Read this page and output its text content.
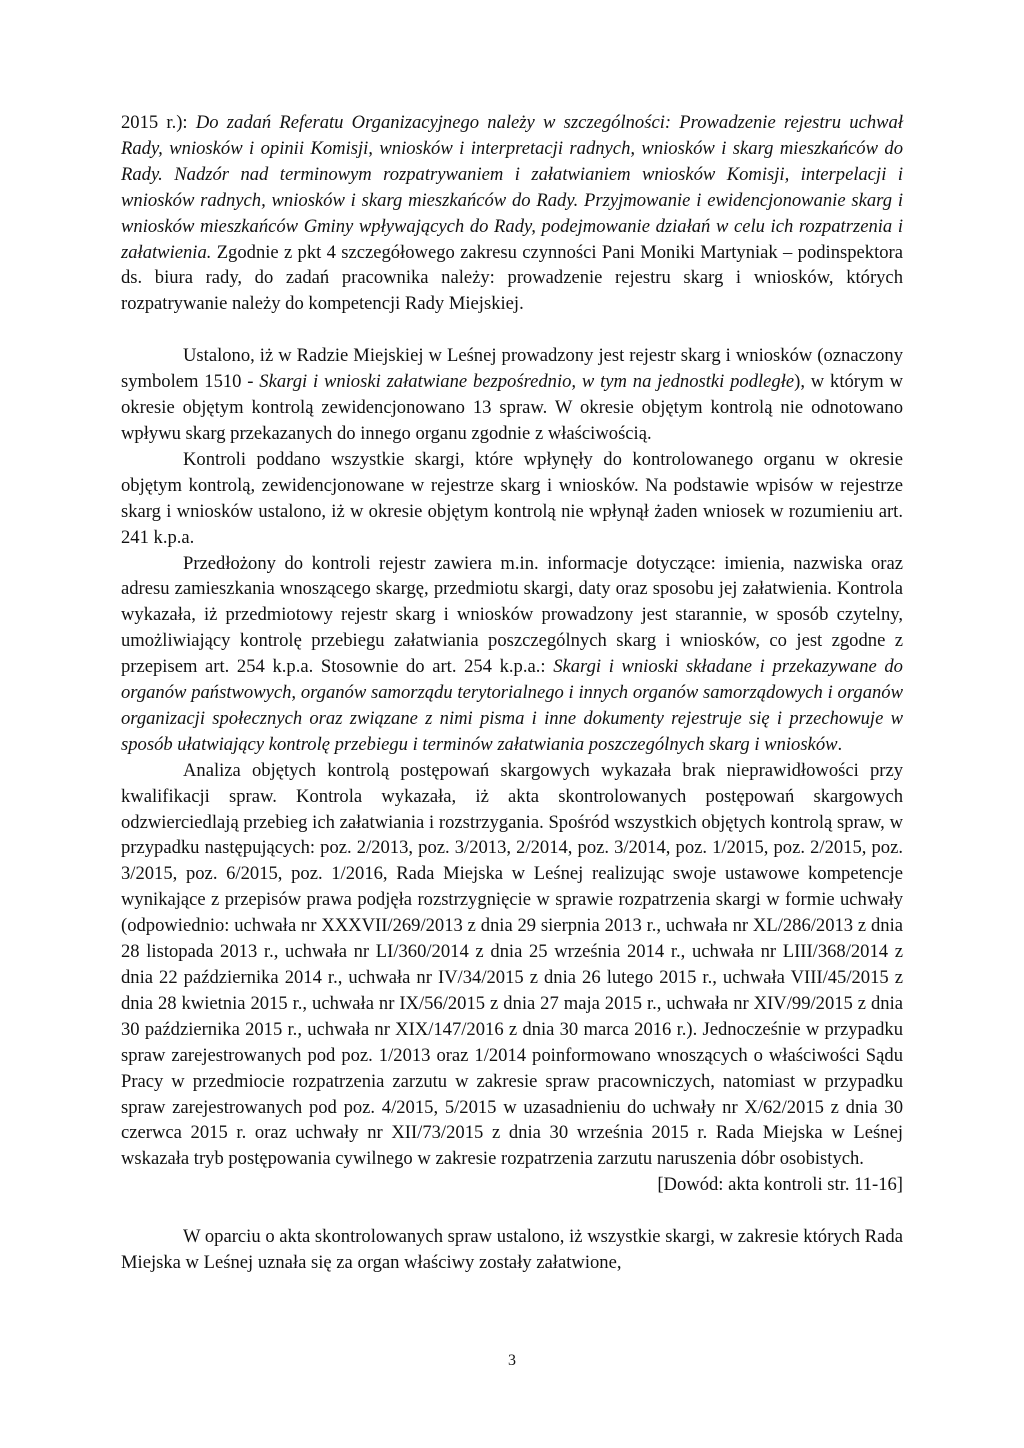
2015 r.): Do zadań Referatu Organizacyjnego należy w szczególności: Prowadzenie rejestru uchwał Rady, wniosków i opinii Komisji, wniosków i interpretacji radnych, wniosków i skarg mieszkańców do Rady. Nadzór nad terminowym rozpatrywaniem i załatwianiem wniosków Komisji, interpelacji i wniosków radnych, wniosków i skarg mieszkańców do Rady. Przyjmowanie i ewidencjonowanie skarg i wniosków mieszkańców Gminy wpływających do Rady, podejmowanie działań w celu ich rozpatrzenia i załatwienia. Zgodnie z pkt 4 szczegółowego zakresu czynności Pani Moniki Martyniak – podinspektora ds. biura rady, do zadań pracownika należy: prowadzenie rejestru skarg i wniosków, których rozpatrywanie należy do kompetencji Rady Miejskiej.

Ustalono, iż w Radzie Miejskiej w Leśnej prowadzony jest rejestr skarg i wniosków (oznaczony symbolem 1510 - Skargi i wnioski załatwiane bezpośrednio, w tym na jednostki podległe), w którym w okresie objętym kontrolą zewidencjonowano 13 spraw. W okresie objętym kontrolą nie odnotowano wpływu skarg przekazanych do innego organu zgodnie z właściwością.

Kontroli poddano wszystkie skargi, które wpłynęły do kontrolowanego organu w okresie objętym kontrolą, zewidencjonowane w rejestrze skarg i wniosków. Na podstawie wpisów w rejestrze skarg i wniosków ustalono, iż w okresie objętym kontrolą nie wpłynął żaden wniosek w rozumieniu art. 241 k.p.a.

Przedłożony do kontroli rejestr zawiera m.in. informacje dotyczące: imienia, nazwiska oraz adresu zamieszkania wnoszącego skargę, przedmiotu skargi, daty oraz sposobu jej załatwienia. Kontrola wykazała, iż przedmiotowy rejestr skarg i wniosków prowadzony jest starannie, w sposób czytelny, umożliwiający kontrolę przebiegu załatwiania poszczególnych skarg i wniosków, co jest zgodne z przepisem art. 254 k.p.a. Stosownie do art. 254 k.p.a.: Skargi i wnioski składane i przekazywane do organów państwowych, organów samorządu terytorialnego i innych organów samorządowych i organów organizacji społecznych oraz związane z nimi pisma i inne dokumenty rejestruje się i przechowuje w sposób ułatwiający kontrolę przebiegu i terminów załatwiania poszczególnych skarg i wniosków.

Analiza objętych kontrolą postępowań skargowych wykazała brak nieprawidłowości przy kwalifikacji spraw. Kontrola wykazała, iż akta skontrolowanych postępowań skargowych odzwierciedlają przebieg ich załatwiania i rozstrzygania. Spośród wszystkich objętych kontrolą spraw, w przypadku następujących: poz. 2/2013, poz. 3/2013, 2/2014, poz. 3/2014, poz. 1/2015, poz. 2/2015, poz. 3/2015, poz. 6/2015, poz. 1/2016, Rada Miejska w Leśnej realizując swoje ustawowe kompetencje wynikające z przepisów prawa podjęła rozstrzygnięcie w sprawie rozpatrzenia skargi w formie uchwały (odpowiednio: uchwała nr XXXVII/269/2013 z dnia 29 sierpnia 2013 r., uchwała nr XL/286/2013 z dnia 28 listopada 2013 r., uchwała nr LI/360/2014 z dnia 25 września 2014 r., uchwała nr LIII/368/2014 z dnia 22 października 2014 r., uchwała nr IV/34/2015 z dnia 26 lutego 2015 r., uchwała VIII/45/2015 z dnia 28 kwietnia 2015 r., uchwała nr IX/56/2015 z dnia 27 maja 2015 r., uchwała nr XIV/99/2015 z dnia 30 października 2015 r., uchwała nr XIX/147/2016 z dnia 30 marca 2016 r.). Jednocześnie w przypadku spraw zarejestrowanych pod poz. 1/2013 oraz 1/2014 poinformowano wnoszących o właściwości Sądu Pracy w przedmiocie rozpatrzenia zarzutu w zakresie spraw pracowniczych, natomiast w przypadku spraw zarejestrowanych pod poz. 4/2015, 5/2015 w uzasadnieniu do uchwały nr X/62/2015 z dnia 30 czerwca 2015 r. oraz uchwały nr XII/73/2015 z dnia 30 września 2015 r. Rada Miejska w Leśnej wskazała tryb postępowania cywilnego w zakresie rozpatrzenia zarzutu naruszenia dóbr osobistych.

[Dowód: akta kontroli str. 11-16]

W oparciu o akta skontrolowanych spraw ustalono, iż wszystkie skargi, w zakresie których Rada Miejska w Leśnej uznała się za organ właściwy zostały załatwione,

3
